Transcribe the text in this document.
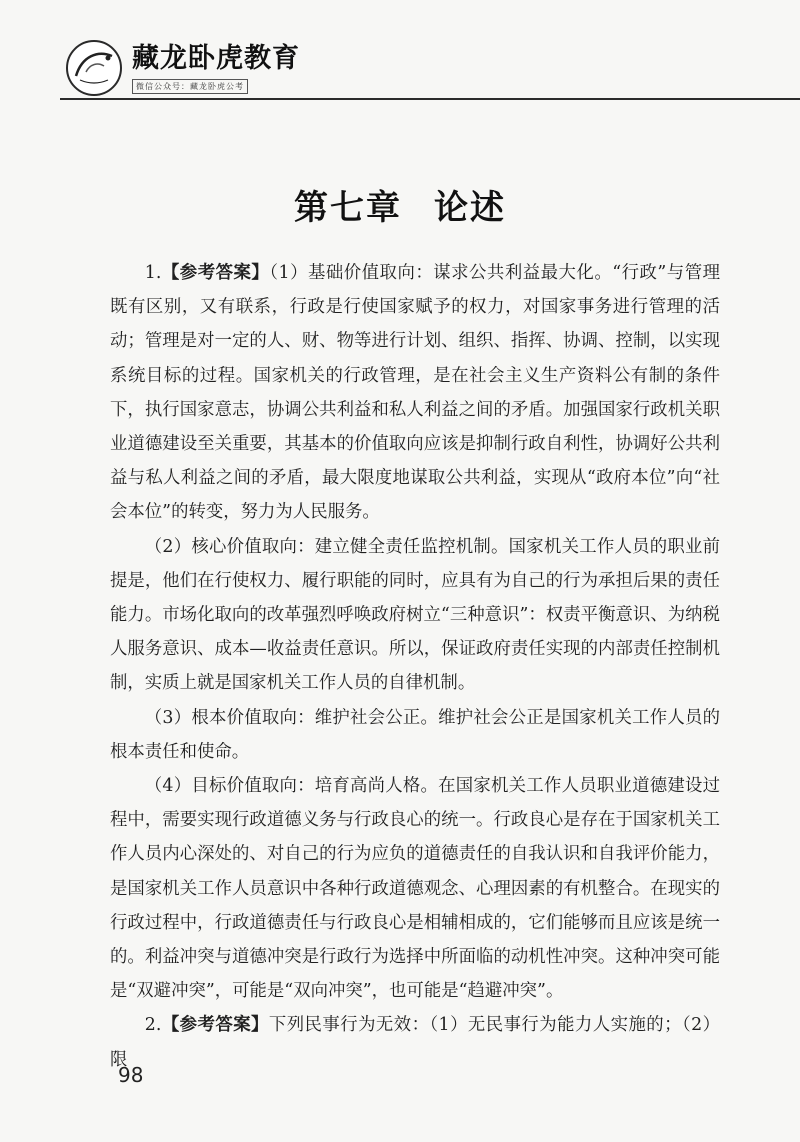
藏龙卧虎教育
微信公众号：藏龙卧虎公考
第七章 论述

1.【参考答案】（1）基础价值取向：谋求公共利益最大化。“行政”与管理既有区别，又有联系，行政是行使国家赋予的权力，对国家事务进行管理的活动；管理是对一定的人、财、物等进行计划、组织、指挥、协调、控制，以实现系统目标的过程。国家机关的行政管理，是在社会主义生产资料公有制的条件下，执行国家意志，协调公共利益和私人利益之间的矛盾。加强国家行政机关职业道德建设至关重要，其基本的价值取向应该是抑制行政自利性，协调好公共利益与私人利益之间的矛盾，最大限度地谋取公共利益，实现从“政府本位”向“社会本位”的转变，努力为人民服务。

（2）核心价值取向：建立健全责任监控机制。国家机关工作人员的职业前提是，他们在行使权力、履行职能的同时，应具有为自己的行为承担后果的责任能力。市场化取向的改革强烈呼唤政府树立“三种意识”：权责平衡意识、为纳税人服务意识、成本—收益责任意识。所以，保证政府责任实现的内部责任控制机制，实质上就是国家机关工作人员的自律机制。

（3）根本价值取向：维护社会公正。维护社会公正是国家机关工作人员的根本责任和使命。

（4）目标价值取向：培育高尚人格。在国家机关工作人员职业道德建设过程中，需要实现行政道德义务与行政良心的统一。行政良心是存在于国家机关工作人员内心深处的、对自己的行为应负的道德责任的自我认识和自我评价能力，是国家机关工作人员意识中各种行政道德观念、心理因素的有机整合。在现实的行政过程中，行政道德责任与行政良心是相辅相成的，它们能够而且应该是统一的。利益冲突与道德冲突是行政行为选择中所面临的动机性冲突。这种冲突可能是“双避冲突”，可能是“双向冲突”，也可能是“趋避冲突”。

2.【参考答案】下列民事行为无效：（1）无民事行为能力人实施的；（2）限

98
